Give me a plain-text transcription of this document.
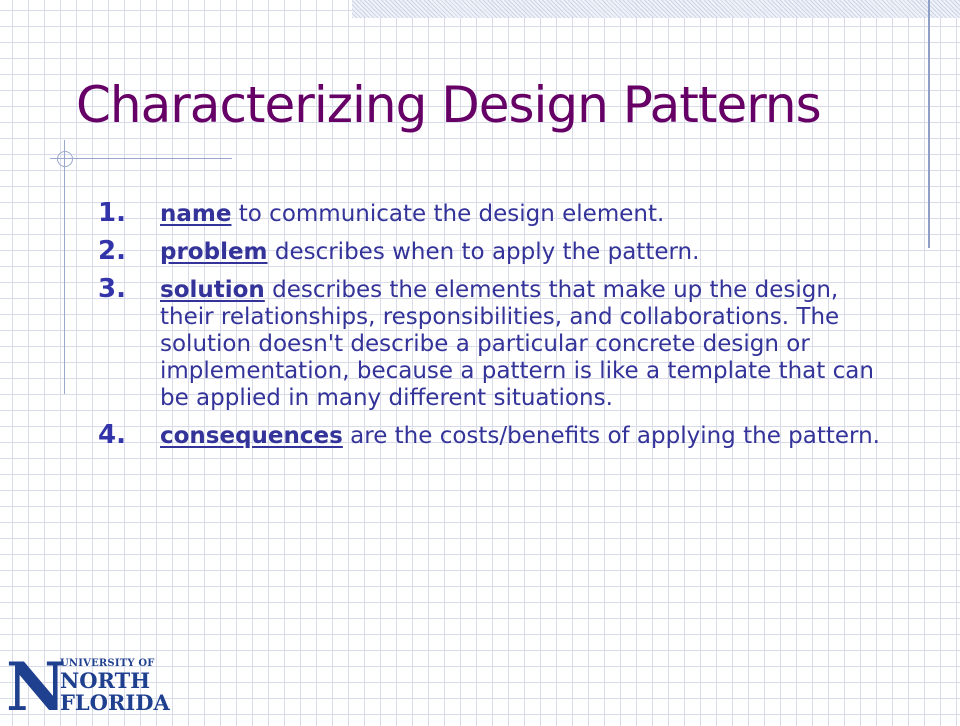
Characterizing Design Patterns
1.	name to communicate the design element.
2.	problem describes when to apply the pattern.
3.	solution describes the elements that make up the design, their relationships, responsibilities, and collaborations. The solution doesn't describe a particular concrete design or implementation, because a pattern is like a template that can be applied in many different situations.
4.	consequences are the costs/benefits of applying the pattern.
N
UNIVERSITY OF
NORTH
FLORIDA
